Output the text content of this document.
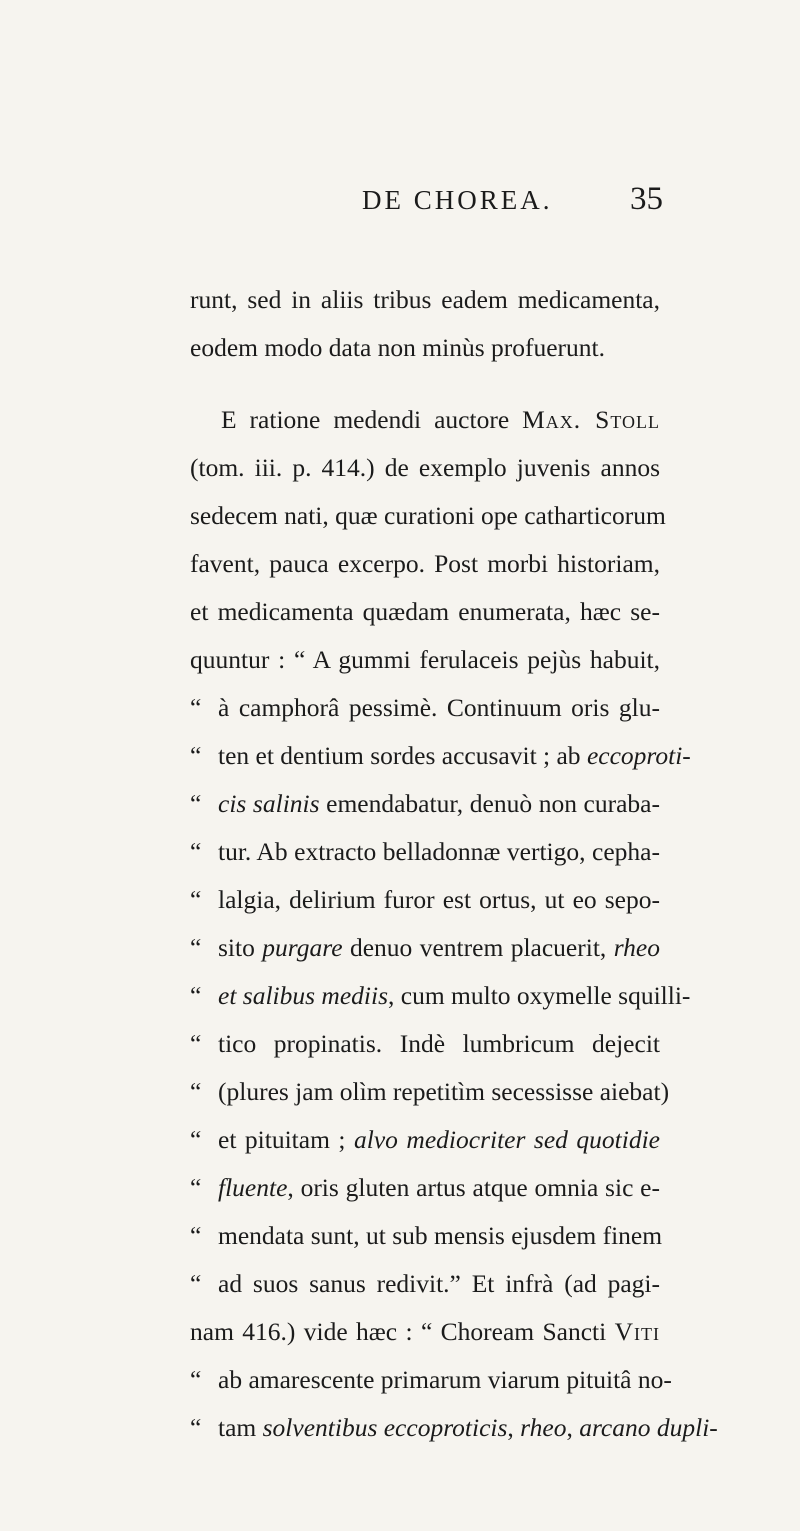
DE CHOREA. 35
runt, sed in aliis tribus eadem medicamenta,
eodem modo data non minùs profuerunt.
E ratione medendi auctore Max. Stoll
(tom. iii. p. 414.) de exemplo juvenis annos
sedecem nati, quæ curationi ope catharticorum
favent, pauca excerpo. Post morbi historiam,
et medicamenta quædam enumerata, hæc se-
quuntur : “ A gummi ferulaceis pejùs habuit,
“ à camphorâ pessimè. Continuum oris glu-
“ ten et dentium sordes accusavit ; ab eccoproti-
“ cis salinis emendabatur, denuò non curaba-
“ tur. Ab extracto belladonnæ vertigo, cepha-
“ lalgia, delirium furor est ortus, ut eo sepo-
“ sito purgare denuo ventrem placuerit, rheo
“ et salibus mediis, cum multo oxymelle squilli-
“ tico propinatis. Indè lumbricum dejecit
“ (plures jam olìm repetitìm secessisse aiebat)
“ et pituitam ; alvo mediocriter sed quotidie
“ fluente, oris gluten artus atque omnia sic e-
“ mendata sunt, ut sub mensis ejusdem finem
“ ad suos sanus redivit.” Et infrà (ad pagi-
nam 416.) vide hæc : “ Choream Sancti Viti
“ ab amarescente primarum viarum pituitâ no-
“ tam solventibus eccoproticis, rheo, arcano dupli-
